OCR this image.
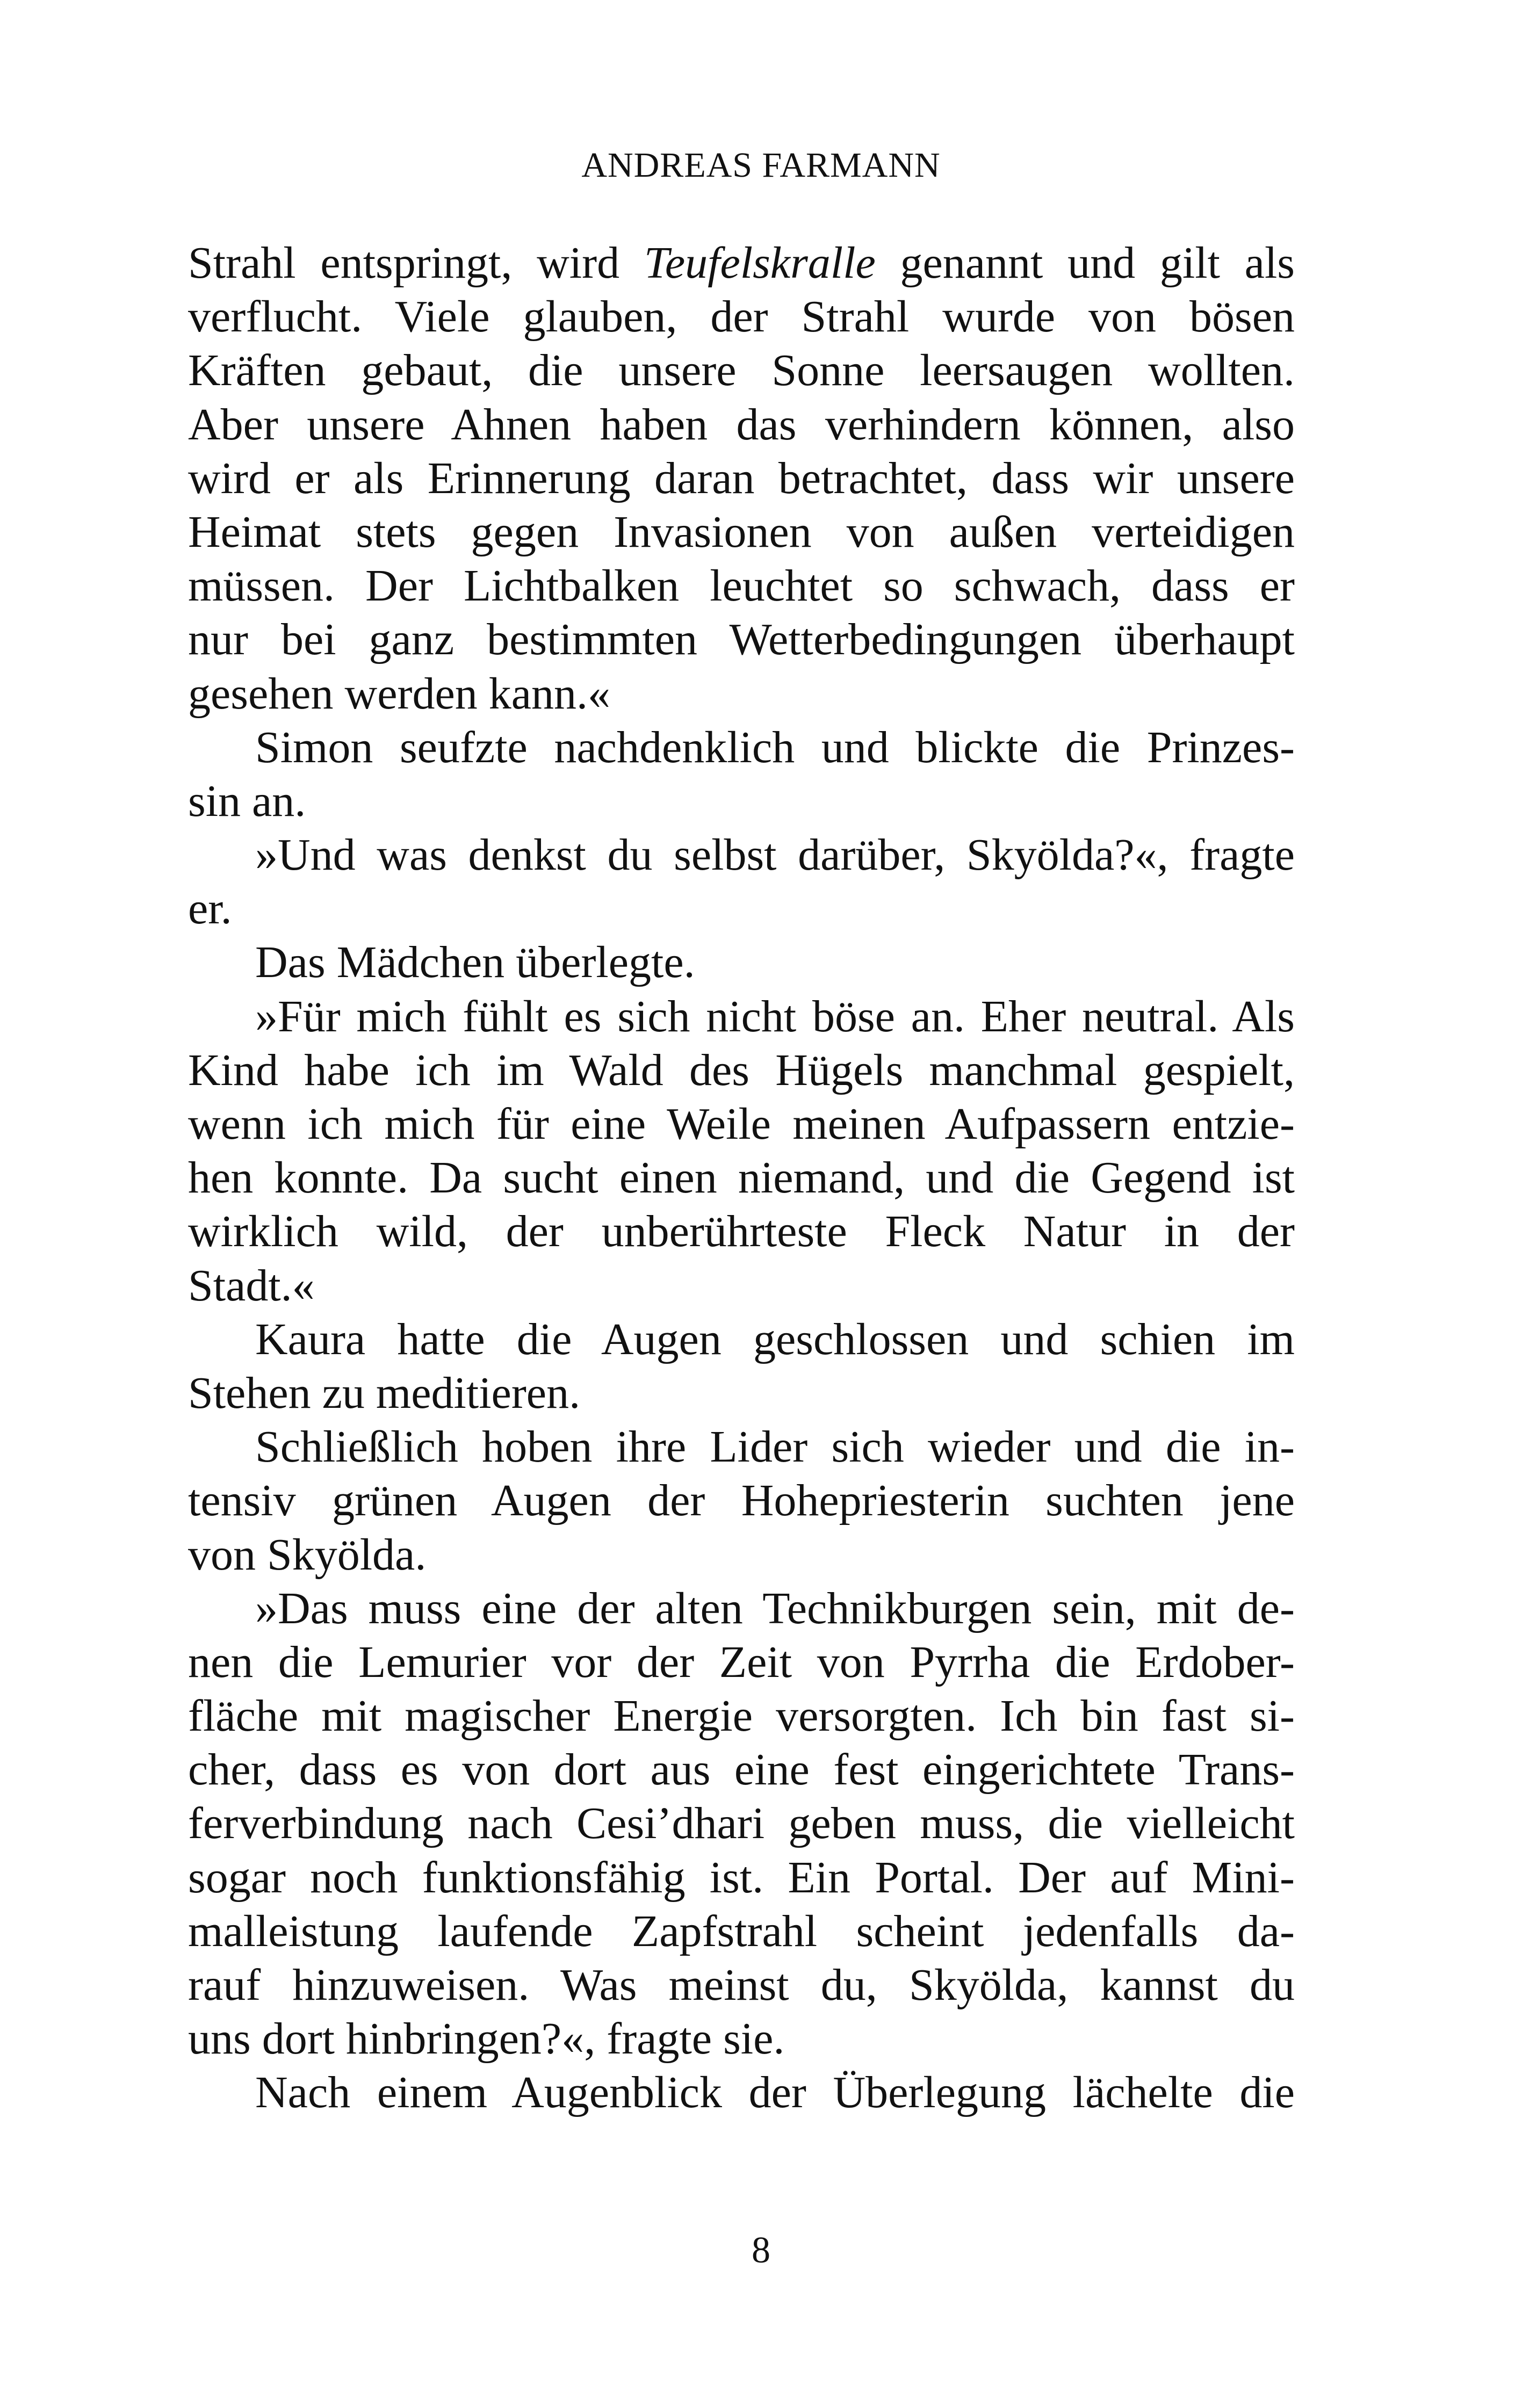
ANDREAS FARMANN
Strahl entspringt, wird Teufelskralle genannt und gilt als
verflucht. Viele glauben, der Strahl wurde von bösen
Kräften gebaut, die unsere Sonne leersaugen wollten.
Aber unsere Ahnen haben das verhindern können, also
wird er als Erinnerung daran betrachtet, dass wir unsere
Heimat stets gegen Invasionen von außen verteidigen
müssen. Der Lichtbalken leuchtet so schwach, dass er
nur bei ganz bestimmten Wetterbedingungen überhaupt
gesehen werden kann.«
Simon seufzte nachdenklich und blickte die Prinzes-
sin an.
»Und was denkst du selbst darüber, Skyölda?«, fragte
er.
Das Mädchen überlegte.
»Für mich fühlt es sich nicht böse an. Eher neutral. Als
Kind habe ich im Wald des Hügels manchmal gespielt,
wenn ich mich für eine Weile meinen Aufpassern entzie-
hen konnte. Da sucht einen niemand, und die Gegend ist
wirklich wild, der unberührteste Fleck Natur in der
Stadt.«
Kaura hatte die Augen geschlossen und schien im
Stehen zu meditieren.
Schließlich hoben ihre Lider sich wieder und die in-
tensiv grünen Augen der Hohepriesterin suchten jene
von Skyölda.
»Das muss eine der alten Technikburgen sein, mit de-
nen die Lemurier vor der Zeit von Pyrrha die Erdober-
fläche mit magischer Energie versorgten. Ich bin fast si-
cher, dass es von dort aus eine fest eingerichtete Trans-
ferverbindung nach Cesi’dhari geben muss, die vielleicht
sogar noch funktionsfähig ist. Ein Portal. Der auf Mini-
malleistung laufende Zapfstrahl scheint jedenfalls da-
rauf hinzuweisen. Was meinst du, Skyölda, kannst du
uns dort hinbringen?«, fragte sie.
Nach einem Augenblick der Überlegung lächelte die
8
